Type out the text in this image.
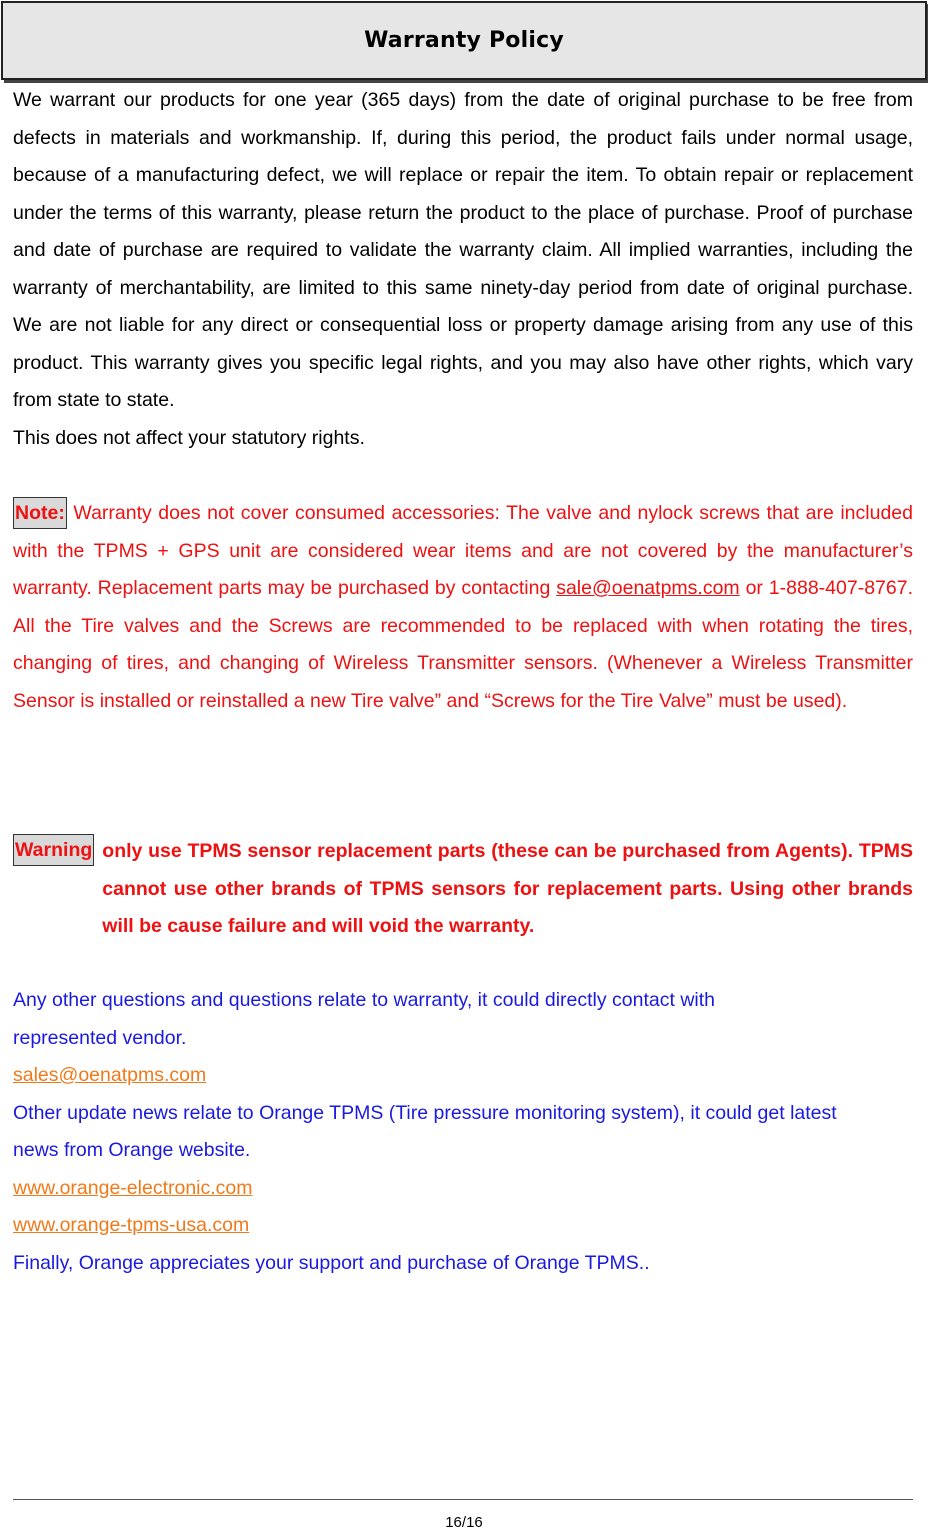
Warranty Policy

We warrant our products for one year (365 days) from the date of original purchase to be free from defects in materials and workmanship. If, during this period, the product fails under normal usage, because of a manufacturing defect, we will replace or repair the item. To obtain repair or replacement under the terms of this warranty, please return the product to the place of purchase. Proof of purchase and date of purchase are required to validate the warranty claim. All implied warranties, including the warranty of merchantability, are limited to this same ninety-day period from date of original purchase. We are not liable for any direct or consequential loss or property damage arising from any use of this product. This warranty gives you specific legal rights, and you may also have other rights, which vary from state to state.

This does not affect your statutory rights.

Note: Warranty does not cover consumed accessories: The valve and nylock screws that are included with the TPMS + GPS unit are considered wear items and are not covered by the manufacturer’s warranty. Replacement parts may be purchased by contacting sale@oenatpms.com or 1-888-407-8767. All the Tire valves and the Screws are recommended to be replaced with when rotating the tires, changing of tires, and changing of Wireless Transmitter sensors. (Whenever a Wireless Transmitter Sensor is installed or reinstalled a new Tire valve” and “Screws for the Tire Valve” must be used).

Warning only use TPMS sensor replacement parts (these can be purchased from Agents). TPMS cannot use other brands of TPMS sensors for replacement parts. Using other brands will be cause failure and will void the warranty.

Any other questions and questions relate to warranty, it could directly contact with
represented vendor.
sales@oenatpms.com
Other update news relate to Orange TPMS (Tire pressure monitoring system), it could get latest
news from Orange website.
www.orange-electronic.com
www.orange-tpms-usa.com
Finally, Orange appreciates your support and purchase of Orange TPMS..
16/16
